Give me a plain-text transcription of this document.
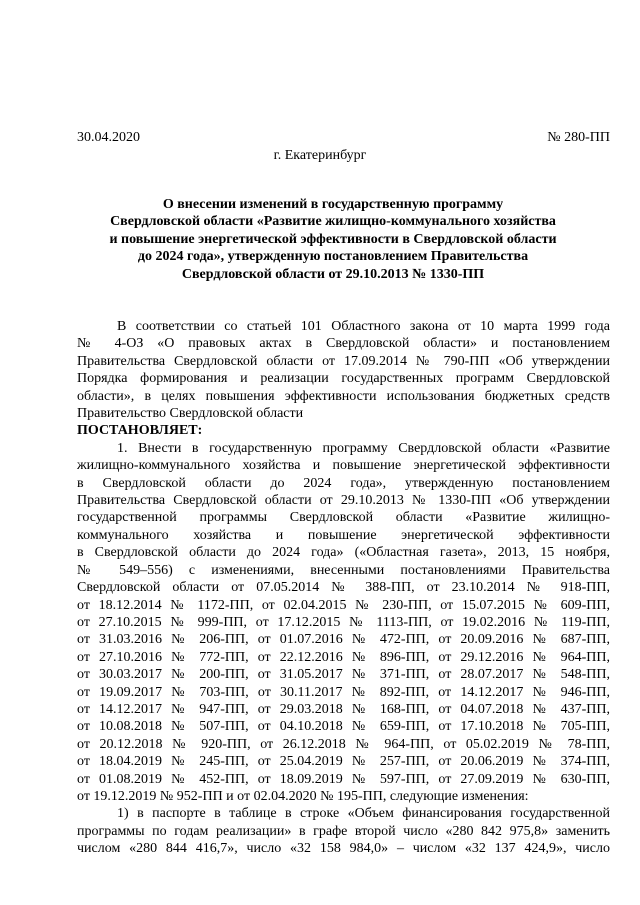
30.04.2020	№ 280-ПП
г. Екатеринбург
О внесении изменений в государственную программу
Свердловской области «Развитие жилищно-коммунального хозяйства
и повышение энергетической эффективности в Свердловской области
до 2024 года», утвержденную постановлением Правительства
Свердловской области от 29.10.2013 № 1330-ПП
В соответствии со статьей 101 Областного закона от 10 марта 1999 года
№ 4-ОЗ «О правовых актах в Свердловской области» и постановлением
Правительства Свердловской области от 17.09.2014 № 790-ПП «Об утверждении
Порядка формирования и реализации государственных программ Свердловской
области», в целях повышения эффективности использования бюджетных средств
Правительство Свердловской области
ПОСТАНОВЛЯЕТ:
1. Внести в государственную программу Свердловской области «Развитие
жилищно-коммунального хозяйства и повышение энергетической эффективности
в Свердловской области до 2024 года», утвержденную постановлением
Правительства Свердловской области от 29.10.2013 № 1330-ПП «Об утверждении
государственной программы Свердловской области «Развитие жилищно-
коммунального хозяйства и повышение энергетической эффективности
в Свердловской области до 2024 года» («Областная газета», 2013, 15 ноября,
№ 549–556) с изменениями, внесенными постановлениями Правительства
Свердловской области от 07.05.2014 № 388-ПП, от 23.10.2014 № 918-ПП,
от 18.12.2014 № 1172-ПП, от 02.04.2015 № 230-ПП, от 15.07.2015 № 609-ПП,
от 27.10.2015 № 999-ПП, от 17.12.2015 № 1113-ПП, от 19.02.2016 № 119-ПП,
от 31.03.2016 № 206-ПП, от 01.07.2016 № 472-ПП, от 20.09.2016 № 687-ПП,
от 27.10.2016 № 772-ПП, от 22.12.2016 № 896-ПП, от 29.12.2016 № 964-ПП,
от 30.03.2017 № 200-ПП, от 31.05.2017 № 371-ПП, от 28.07.2017 № 548-ПП,
от 19.09.2017 № 703-ПП, от 30.11.2017 № 892-ПП, от 14.12.2017 № 946-ПП,
от 14.12.2017 № 947-ПП, от 29.03.2018 № 168-ПП, от 04.07.2018 № 437-ПП,
от 10.08.2018 № 507-ПП, от 04.10.2018 № 659-ПП, от 17.10.2018 № 705-ПП,
от 20.12.2018 № 920-ПП, от 26.12.2018 № 964-ПП, от 05.02.2019 № 78-ПП,
от 18.04.2019 № 245-ПП, от 25.04.2019 № 257-ПП, от 20.06.2019 № 374-ПП,
от 01.08.2019 № 452-ПП, от 18.09.2019 № 597-ПП, от 27.09.2019 № 630-ПП,
от 19.12.2019 № 952-ПП и от 02.04.2020 № 195-ПП, следующие изменения:
1) в паспорте в таблице в строке «Объем финансирования государственной
программы по годам реализации» в графе второй число «280 842 975,8» заменить
числом «280 844 416,7», число «32 158 984,0» – числом «32 137 424,9», число
